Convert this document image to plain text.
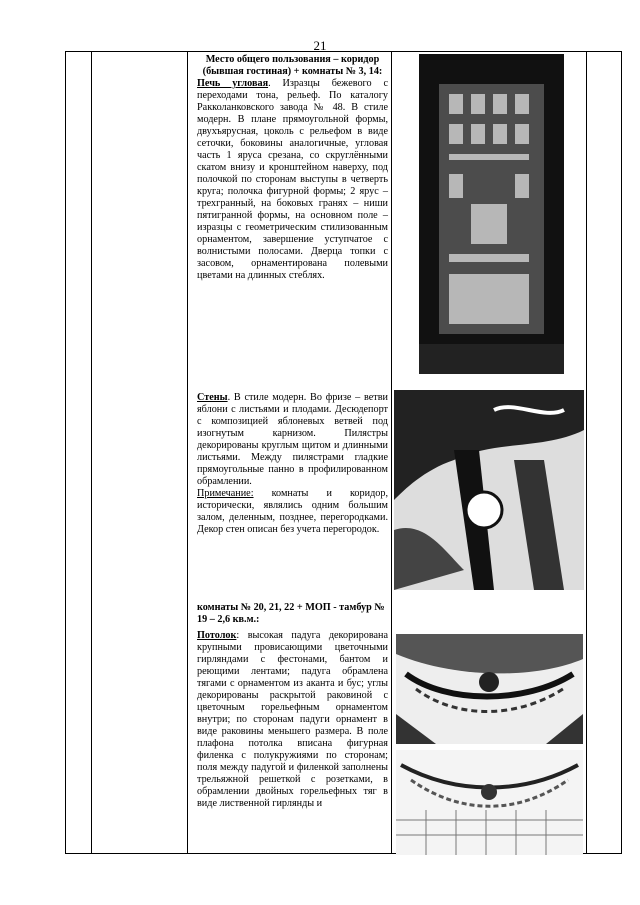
21
Место общего пользования – коридор (бывшая гостиная) + комнаты № 3, 14:
Печь угловая. Изразцы бежевого с переходами тона, рельеф. По каталогу Ракколанковского завода № 48. В стиле модерн. В плане прямоугольной формы, двухъярусная, цоколь с рельефом в виде сеточки, боковины аналогичные, угловая часть 1 яруса срезана, со скруглёнными скатом внизу и кронштейном наверху, под полочкой по сторонам выступы в четверть круга; полочка фигурной формы; 2 ярус – трехгранный, на боковых гранях – ниши пятигранной формы, на основном поле – изразцы с геометрическим стилизованным орнаментом, завершение уступчатое с волнистыми полосами. Дверца топки с засовом, орнаментирована полевыми цветами на длинных стеблях.
Стены. В стиле модерн. Во фризе – ветви яблони с листьями и плодами. Десюдепорт с композицией яблоневых ветвей под изогнутым карнизом. Пилястры декорированы круглым щитом и длинными листьями. Между пилястрами гладкие прямоугольные панно в профилированном обрамлении.
Примечание: комнаты и коридор, исторически, являлись одним большим залом, деленным, позднее, перегородками. Декор стен описан без учета перегородок.
комнаты № 20, 21, 22 + МОП - тамбур № 19 – 2,6 кв.м.:
Потолок: высокая падуга декорирована крупными провисающими цветочными гирляндами с фестонами, бантом и реющими лентами; падуга обрамлена тягами с орнаментом из аканта и бус; углы декорированы раскрытой раковиной с цветочным горельефным орнаментом внутри; по сторонам падуги орнамент в виде раковины меньшего размера. В поле плафона потолка вписана фигурная филенка с полукружиями по сторонам; поля между падугой и филенкой заполнены трельяжной решеткой с розетками, в обрамлении двойных горельефных тяг в виде лиственной гирлянды и
